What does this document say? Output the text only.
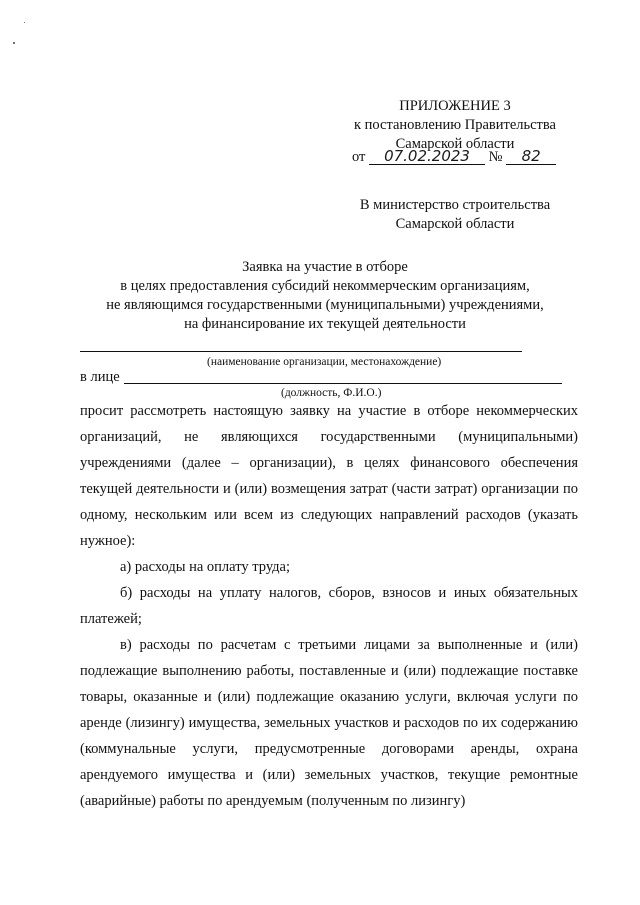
ПРИЛОЖЕНИЕ 3
к постановлению Правительства
Самарской области
от 07.02.2023 № 82
В министерство строительства
Самарской области
Заявка на участие в отборе
в целях предоставления субсидий некоммерческим организациям,
не являющимся государственными (муниципальными) учреждениями,
на финансирование их текущей деятельности
(наименование организации, местонахождение)
в лице
(должность, Ф.И.О.)

просит рассмотреть настоящую заявку на участие в отборе некоммерческих организаций, не являющихся государственными (муниципальными) учреждениями (далее – организации), в целях финансового обеспечения текущей деятельности и (или) возмещения затрат (части затрат) организации по одному, нескольким или всем из следующих направлений расходов (указать нужное):

а) расходы на оплату труда;

б) расходы на уплату налогов, сборов, взносов и иных обязательных платежей;

в) расходы по расчетам с третьими лицами за выполненные и (или) подлежащие выполнению работы, поставленные и (или) подлежащие поставке товары, оказанные и (или) подлежащие оказанию услуги, включая услуги по аренде (лизингу) имущества, земельных участков и расходов по их содержанию (коммунальные услуги, предусмотренные договорами аренды, охрана арендуемого имущества и (или) земельных участков, текущие ремонтные (аварийные) работы по арендуемым (полученным по лизингу)
